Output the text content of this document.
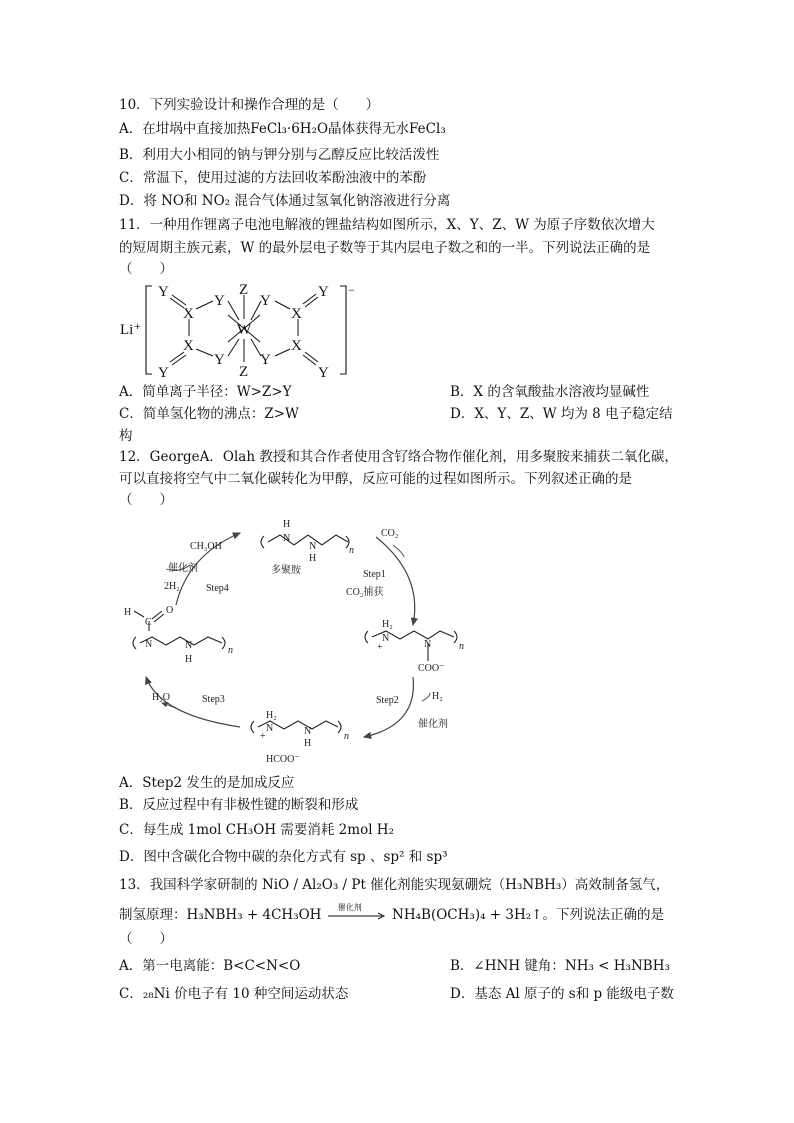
10．下列实验设计和操作合理的是（　　）
A．在坩埚中直接加热FeCl₃·6H₂O晶体获得无水FeCl₃
B．利用大小相同的钠与钾分别与乙醇反应比较活泼性
C．常温下，使用过滤的方法回收苯酚浊液中的苯酚
D．将 NO和 NO₂ 混合气体通过氢氧化钠溶液进行分离
11．一种用作锂离子电池电解液的锂盐结构如图所示，X、Y、Z、W 为原子序数依次增大
的短周期主族元素，W 的最外层电子数等于其内层电子数之和的一半。下列说法正确的是
（　　）
Li⁺
−
Y
X
Y
Z
W
Y
X
Y
X
Y
Y
Z
Y
X
Y
A．简单离子半径：W>Z>Y	B．X 的含氧酸盐水溶液均显碱性
C．简单氢化物的沸点：Z>W	D．X、Y、Z、W 均为 8 电子稳定结
构
12．GeorgeA．Olah 教授和其合作者使用含钌络合物作催化剂，用多聚胺来捕获二氧化碳，
可以直接将空气中二氧化碳转化为甲醇，反应可能的过程如图所示。下列叙述正确的是
（　　）
N
H
N
H
n
多聚胺
CO₂
Step1
CO₂捕获
H₂
N
+	N	n
COO⁻
Step2	H₂
催化剂
H₂
N
+	N
H
n
HCOO⁻
Step3
H₂O
H
C
O
N	N
H
n
CH₃OH
催化剂
Step4
2H₂
A．Step2 发生的是加成反应
B．反应过程中有非极性键的断裂和形成
C．每生成 1mol CH₃OH 需要消耗 2mol H₂
D．图中含碳化合物中碳的杂化方式有 sp 、sp² 和 sp³
13．我国科学家研制的 NiO / Al₂O₃ / Pt 催化剂能实现氨硼烷（H₃NBH₃）高效制备氢气，
制氢原理：H₃NBH₃ + 4CH₃OH 催化剂 NH₄B(OCH₃)₄ + 3H₂↑。下列说法正确的是
（　　）
A．第一电离能：B<C<N<O	B．∠HNH 键角：NH₃ < H₃NBH₃
C．₂₈Ni 价电子有 10 种空间运动状态	D．基态 Al 原子的 s和 p 能级电子数
